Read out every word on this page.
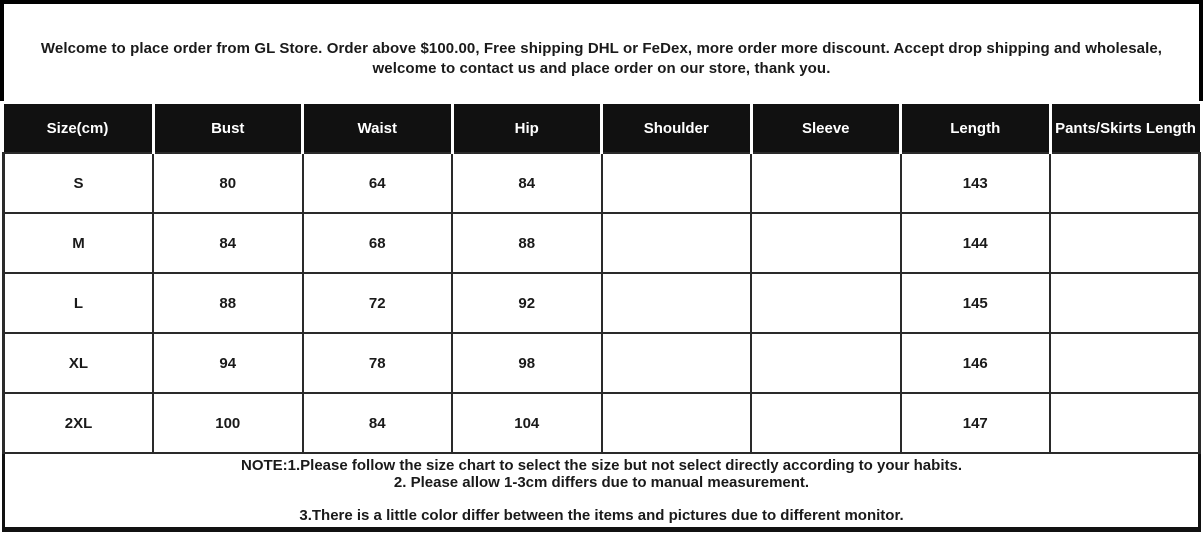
Welcome to place order from GL Store. Order above $100.00, Free shipping DHL or FeDex, more order more discount. Accept drop shipping and wholesale,
welcome to contact us and place order on our store, thank you.
Size(cm)	Bust	Waist	Hip	Shoulder	Sleeve	Length	Pants/Skirts Length
S	80	64	84			143	
M	84	68	88			144	
L	88	72	92			145	
XL	94	78	98			146	
2XL	100	84	104			147	
NOTE:1.Please follow the size chart to select the size but not select directly according to your habits.
2. Please allow 1-3cm differs due to manual measurement.
3.There is a little color differ between the items and pictures due to different monitor.
